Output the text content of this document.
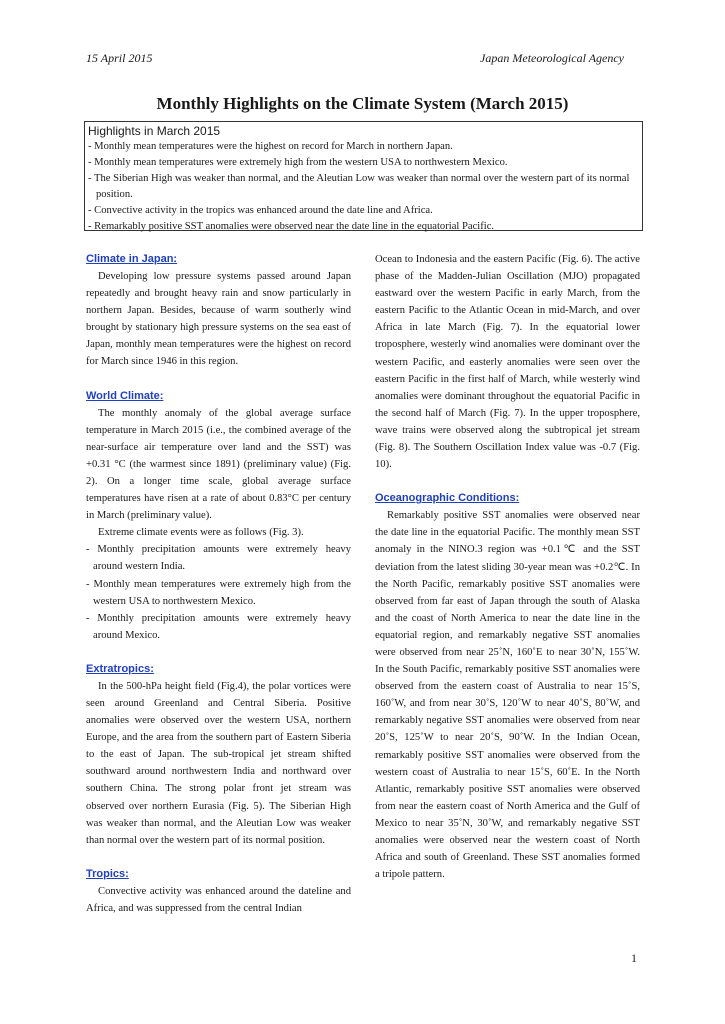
15 April 2015	Japan Meteorological Agency
Monthly Highlights on the Climate System (March 2015)
Highlights in March 2015
- Monthly mean temperatures were the highest on record for March in northern Japan.
- Monthly mean temperatures were extremely high from the western USA to northwestern Mexico.
- The Siberian High was weaker than normal, and the Aleutian Low was weaker than normal over the western part of its normal position.
- Convective activity in the tropics was enhanced around the date line and Africa.
- Remarkably positive SST anomalies were observed near the date line in the equatorial Pacific.

Climate in Japan:

Developing low pressure systems passed around Japan repeatedly and brought heavy rain and snow particularly in northern Japan. Besides, because of warm southerly wind brought by stationary high pressure systems on the sea east of Japan, monthly mean temperatures were the highest on record for March since 1946 in this region.

World Climate:

The monthly anomaly of the global average surface temperature in March 2015 (i.e., the combined average of the near-surface air temperature over land and the SST) was +0.31 °C (the warmest since 1891) (preliminary value) (Fig. 2). On a longer time scale, global average surface temperatures have risen at a rate of about 0.83°C per century in March (preliminary value).

Extreme climate events were as follows (Fig. 3).

- Monthly precipitation amounts were extremely heavy around western India.

- Monthly mean temperatures were extremely high from the western USA to northwestern Mexico.

- Monthly precipitation amounts were extremely heavy around Mexico.

Extratropics:

In the 500-hPa height field (Fig.4), the polar vortices were seen around Greenland and Central Siberia. Positive anomalies were observed over the western USA, northern Europe, and the area from the southern part of Eastern Siberia to the east of Japan. The sub-tropical jet stream shifted southward around northwestern India and northward over southern China. The strong polar front jet stream was observed over northern Eurasia (Fig. 5). The Siberian High was weaker than normal, and the Aleutian Low was weaker than normal over the western part of its normal position.

Tropics:

Convective activity was enhanced around the dateline and Africa, and was suppressed from the central Indian

Ocean to Indonesia and the eastern Pacific (Fig. 6). The active phase of the Madden-Julian Oscillation (MJO) propagated eastward over the western Pacific in early March, from the eastern Pacific to the Atlantic Ocean in mid-March, and over Africa in late March (Fig. 7). In the equatorial lower troposphere, westerly wind anomalies were dominant over the western Pacific, and easterly anomalies were seen over the eastern Pacific in the first half of March, while westerly wind anomalies were dominant throughout the equatorial Pacific in the second half of March (Fig. 7). In the upper troposphere, wave trains were observed along the subtropical jet stream (Fig. 8). The Southern Oscillation Index value was -0.7 (Fig. 10).

Oceanographic Conditions:

Remarkably positive SST anomalies were observed near the date line in the equatorial Pacific. The monthly mean SST anomaly in the NINO.3 region was +0.1℃ and the SST deviation from the latest sliding 30-year mean was +0.2℃. In the North Pacific, remarkably positive SST anomalies were observed from far east of Japan through the south of Alaska and the coast of North America to near the date line in the equatorial region, and remarkably negative SST anomalies were observed from near 25˚N, 160˚E to near 30˚N, 155˚W. In the South Pacific, remarkably positive SST anomalies were observed from the eastern coast of Australia to near 15˚S, 160˚W, and from near 30˚S, 120˚W to near 40˚S, 80˚W, and remarkably negative SST anomalies were observed from near 20˚S, 125˚W to near 20˚S, 90˚W. In the Indian Ocean, remarkably positive SST anomalies were observed from the western coast of Australia to near 15˚S, 60˚E. In the North Atlantic, remarkably positive SST anomalies were observed from near the eastern coast of North America and the Gulf of Mexico to near 35˚N, 30˚W, and remarkably negative SST anomalies were observed near the western coast of North Africa and south of Greenland. These SST anomalies formed a tripole pattern.

1
